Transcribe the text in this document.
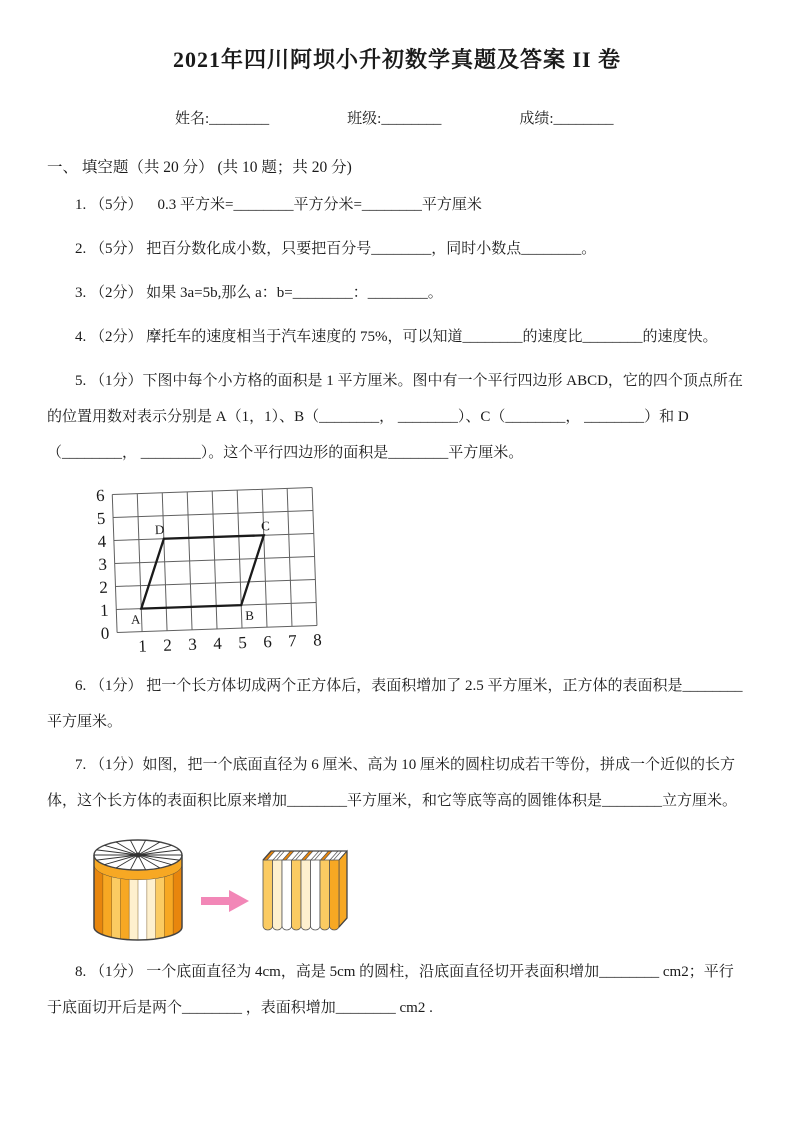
2021年四川阿坝小升初数学真题及答案 II 卷
姓名:________	班级:________	成绩:________

一、 填空题（共 20 分） (共 10 题；共 20 分)

1. （5分）    0.3 平方米=________平方分米=________平方厘米

2. （5分） 把百分数化成小数，只要把百分号________，同时小数点________。

3. （2分） 如果 3a=5b,那么 a：b=________：________。

4. （2分） 摩托车的速度相当于汽车速度的 75%，可以知道________的速度比________的速度快。

5. （1分）下图中每个小方格的面积是 1 平方厘米。图中有一个平行四边形 ABCD，它的四个顶点所在的位置用数对表示分别是 A（1，1）、B（________， ________）、C（________， ________）和 D（________， ________）。这个平行四边形的面积是________平方厘米。

6
5
4
3
2
1
0
1 2 3 4 5 6 7 8
A	B
C
D

6. （1分） 把一个长方体切成两个正方体后，表面积增加了 2.5 平方厘米，正方体的表面积是________平方厘米。

7. （1分）如图，把一个底面直径为 6 厘米、高为 10 厘米的圆柱切成若干等份，拼成一个近似的长方体，这个长方体的表面积比原来增加________平方厘米，和它等底等高的圆锥体积是________立方厘米。

8. （1分） 一个底面直径为 4cm，高是 5cm 的圆柱，沿底面直径切开表面积增加________ cm2；平行于底面切开后是两个________ ，表面积增加________ cm2 .
